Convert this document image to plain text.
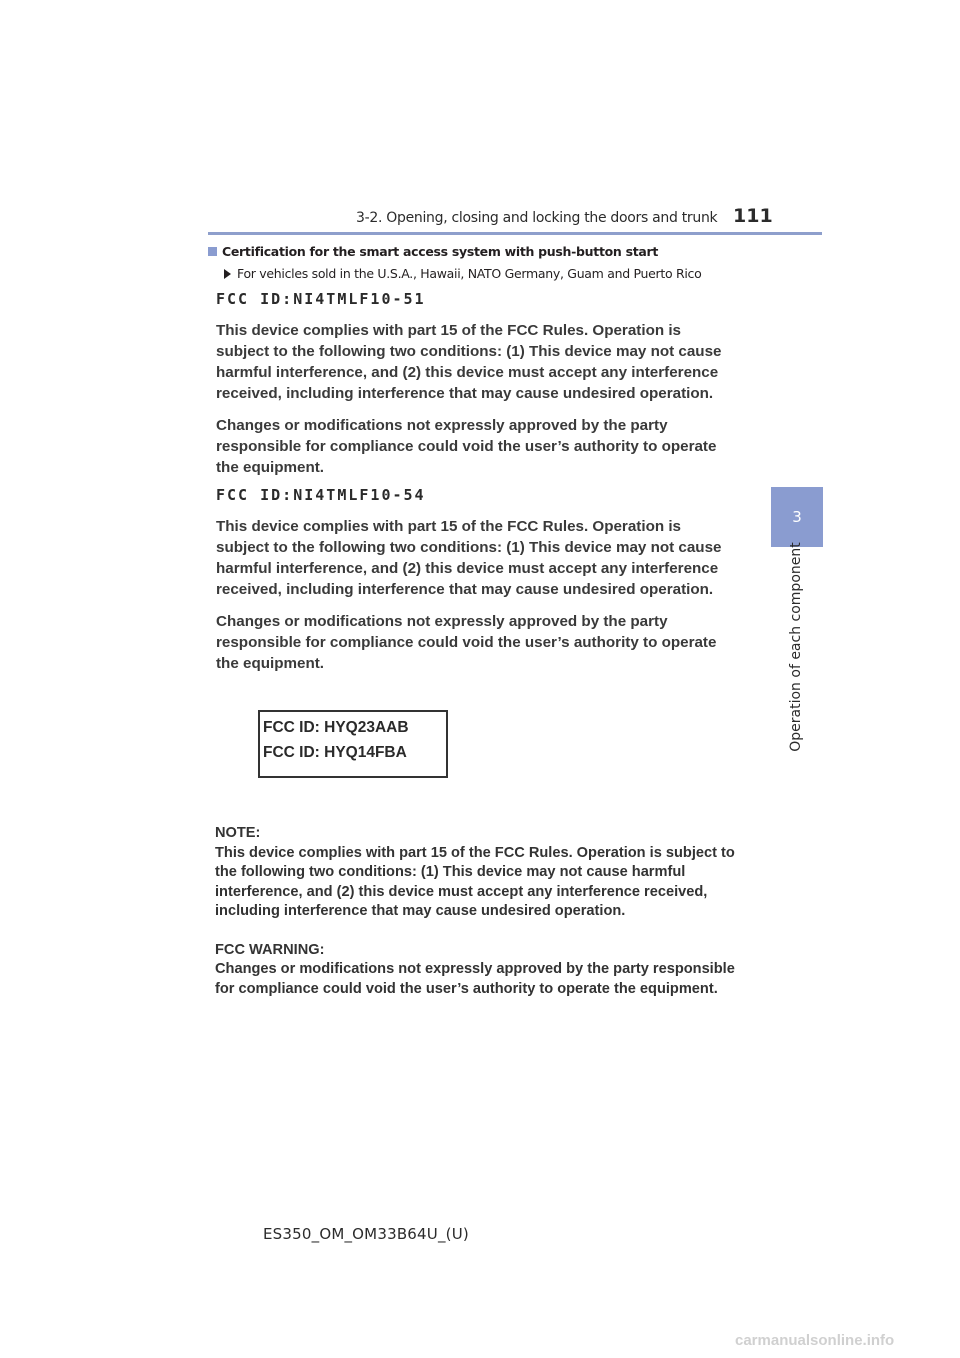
3-2. Opening, closing and locking the doors and trunk 111
3
Operation of each component
Certification for the smart access system with push-button start
For vehicles sold in the U.S.A., Hawaii, NATO Germany, Guam and Puerto Rico
FCC ID:NI4TMLF10-51

This device complies with part 15 of the FCC Rules. Operation is subject to the following two conditions: (1) This device may not cause harmful interference, and (2) this device must accept any interference received, including interference that may cause undesired operation.

Changes or modifications not expressly approved by the party responsible for compliance could void the user’s authority to operate the equipment.

FCC ID:NI4TMLF10-54

This device complies with part 15 of the FCC Rules. Operation is subject to the following two conditions: (1) This device may not cause harmful interference, and (2) this device must accept any interference received, including interference that may cause undesired operation.

Changes or modifications not expressly approved by the party responsible for compliance could void the user’s authority to operate the equipment.

FCC ID: HYQ23AAB
FCC ID: HYQ14FBA

NOTE:

This device complies with part 15 of the FCC Rules. Operation is subject to the following two conditions: (1) This device may not cause harmful interference, and (2) this device must accept any interference received, including interference that may cause undesired operation.

FCC WARNING:

Changes or modifications not expressly approved by the party responsible for compliance could void the user’s authority to operate the equipment.

ES350_OM_OM33B64U_(U)
carmanualsonline.info
